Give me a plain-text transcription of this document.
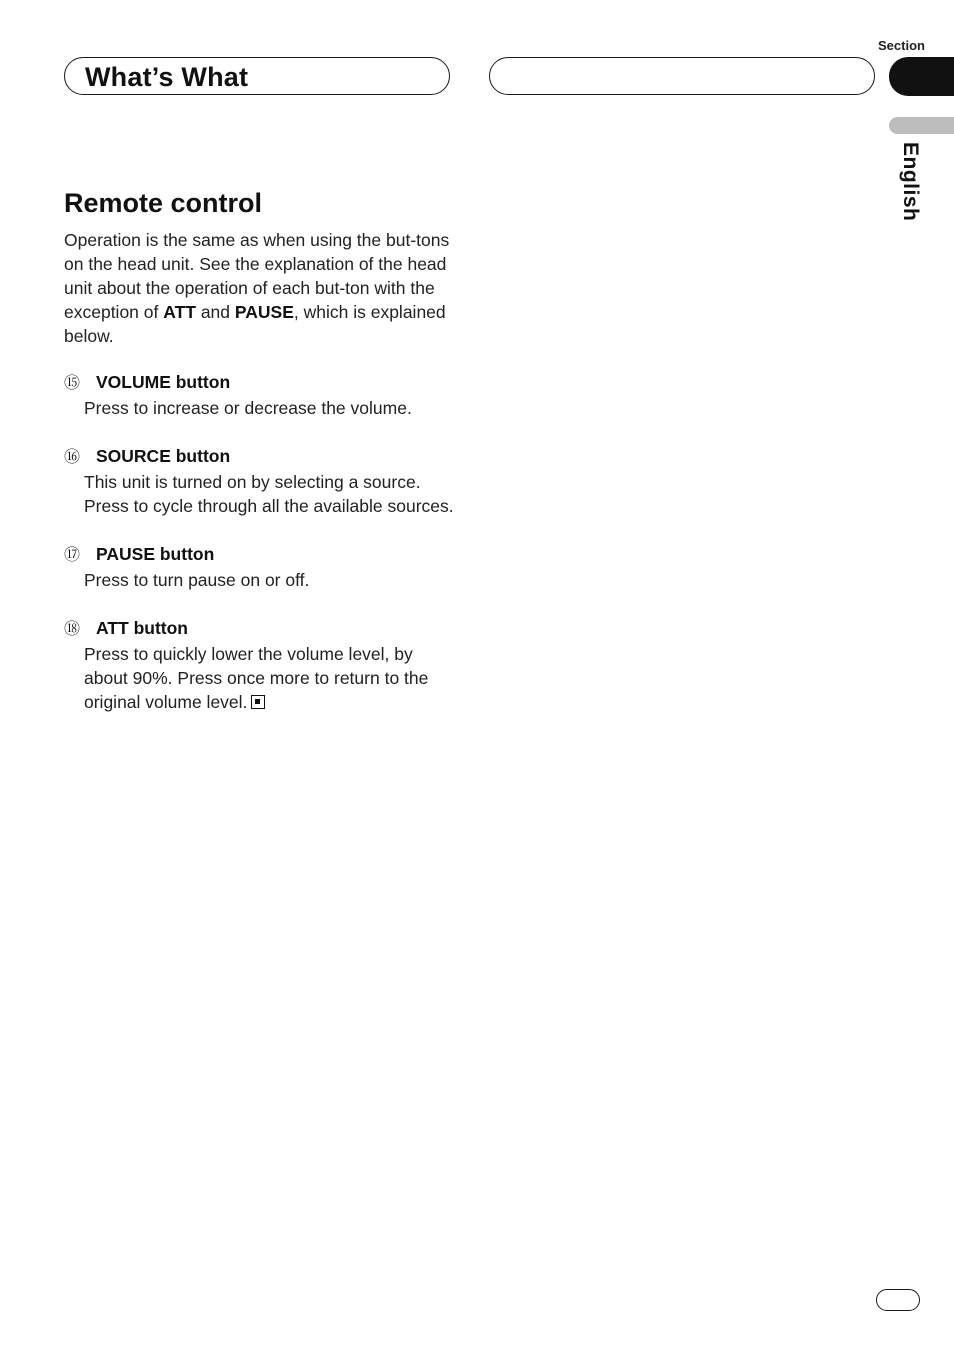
What’s What
Section
English
Remote control

Operation is the same as when using the but-tons on the head unit. See the explanation of the head unit about the operation of each but-ton with the exception of ATT and PAUSE, which is explained below.

⑮ VOLUME button
Press to increase or decrease the volume.
⑯ SOURCE button
This unit is turned on by selecting a source. Press to cycle through all the available sources.
⑰ PAUSE button
Press to turn pause on or off.
⑱ ATT button
Press to quickly lower the volume level, by about 90%. Press once more to return to the original volume level.
